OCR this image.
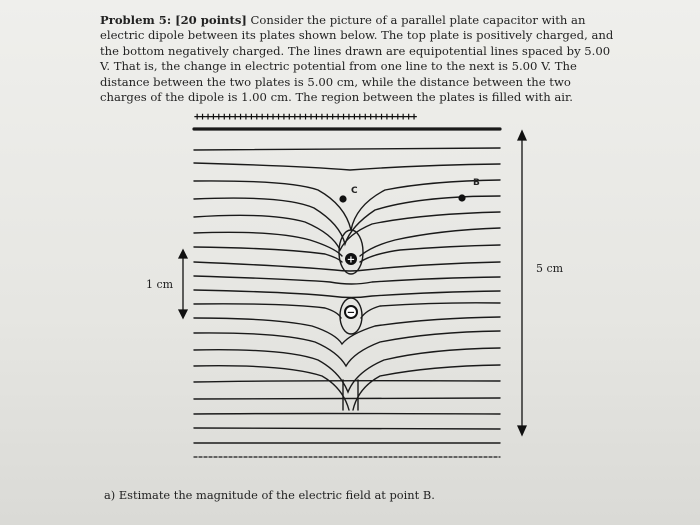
Problem 5: [20 points] Consider the picture of a parallel plate capacitor with an electric dipole between its plates shown below. The top plate is positively charged, and the bottom negatively charged. The lines drawn are equipotential lines spaced by 5.00 V. That is, the change in electric potential from one line to the next is 5.00 V. The distance between the two plates is 5.00 cm, while the distance between the two charges of the dipole is 1.00 cm. The region between the plates is filled with air.

+
−
+++++++++++++++++++++++++++++++++++++++++
1 cm
5 cm
B
C
a) Estimate the magnitude of the electric field at point B.
